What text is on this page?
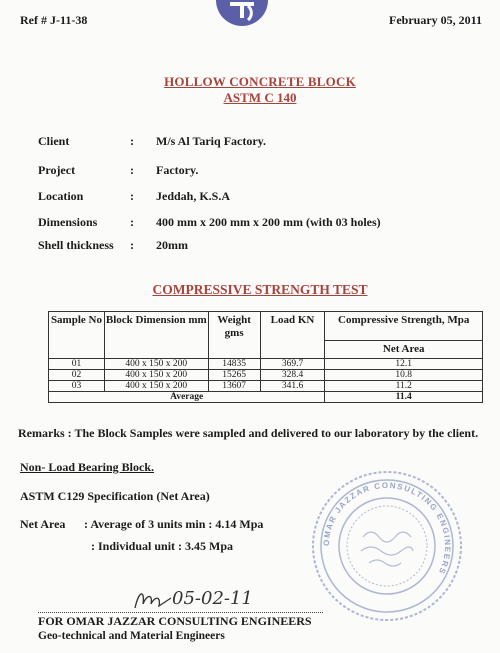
Ref # J-11-38	February 05, 2011
HOLLOW CONCRETE BLOCK
ASTM C 140
Client	: M/s Al Tariq Factory.
Project	: Factory.
Location	: Jeddah, K.S.A
Dimensions	: 400 mm x 200 mm x 200 mm (with 03 holes)
Shell thickness : 20mm
COMPRESSIVE STRENGTH TEST
Sample No	Block Dimension mm	Weight gms	Load KN	Compressive Strength, Mpa
				Net Area
01	400 x 150 x 200	14835	369.7	12.1
02	400 x 150 x 200	15265	328.4	10.8
03	400 x 150 x 200	13607	341.6	11.2
Average				11.4
Remarks : The Block Samples were sampled and delivered to our laboratory by the client.
Non- Load Bearing Block.
ASTM C129 Specification (Net Area)
Net Area : Average of 3 units min : 4.14 Mpa
: Individual unit : 3.45 Mpa	OMAR JAZZAR CONSULTING ENGINEERS
05-02-11
FOR OMAR JAZZAR CONSULTING ENGINEERS
Geo-technical and Material Engineers
